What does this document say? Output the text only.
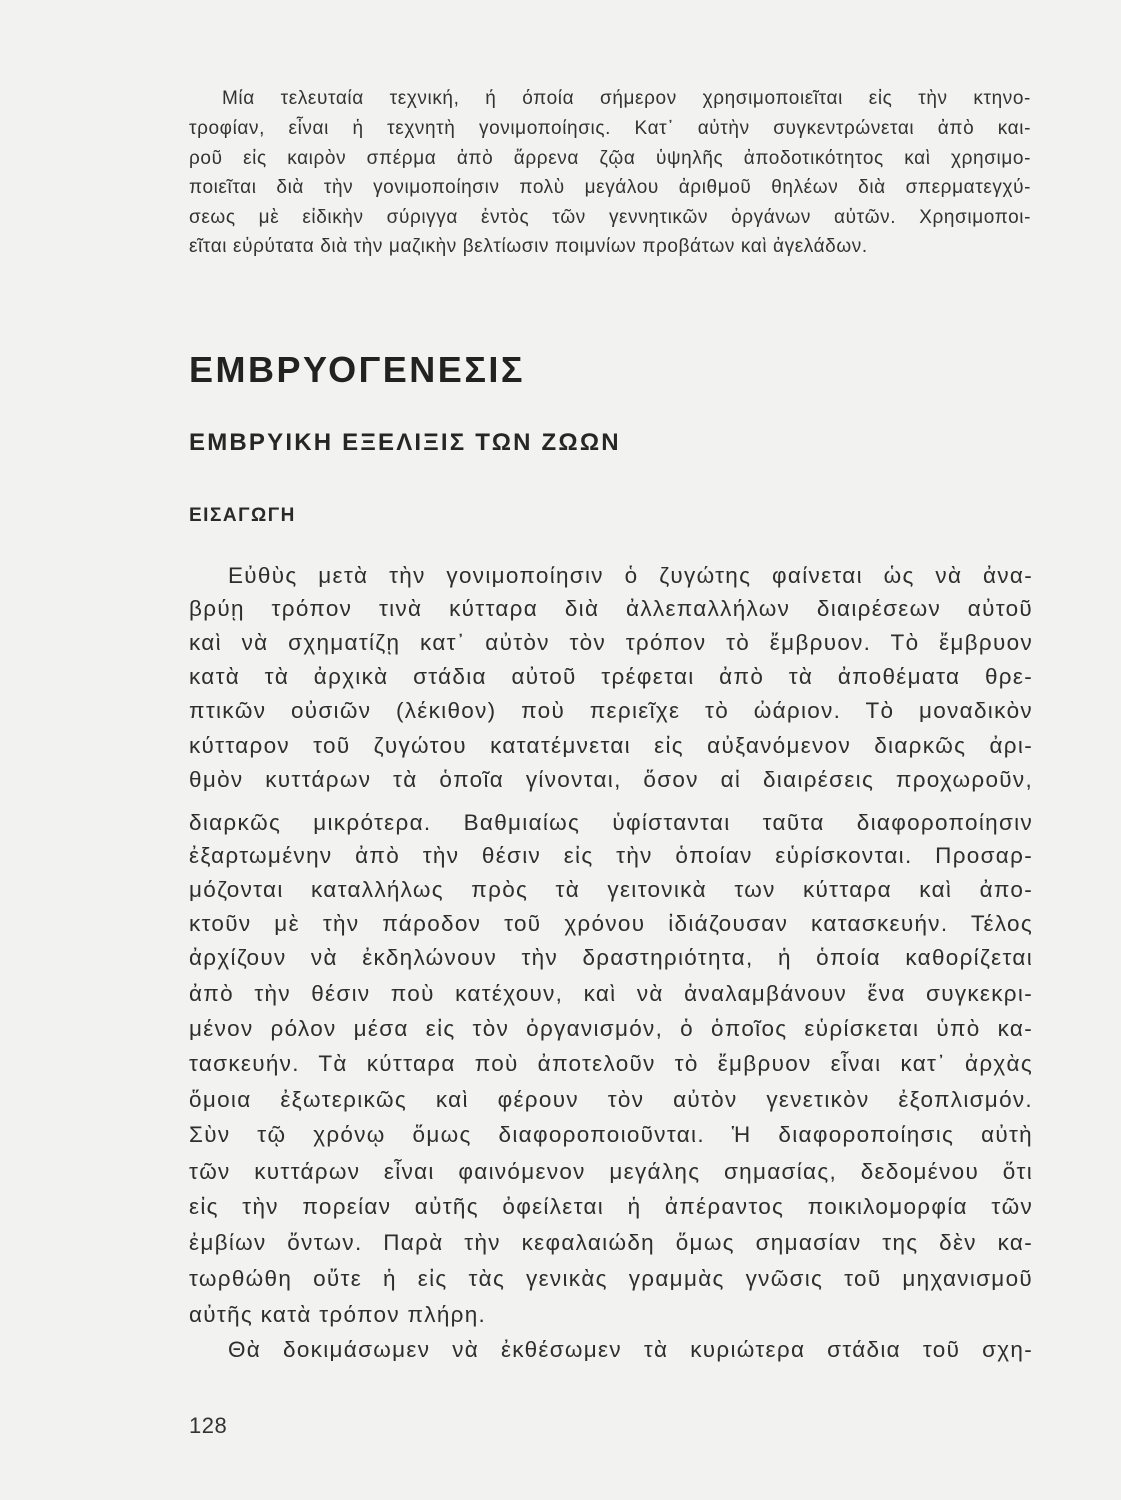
Μία τελευταία τεχνική, ή όποία σήμερον χρησιμοποιεῖται εἰς τὴν κτηνο-
τροφίαν, εἶναι ἡ τεχνητὴ γονιμοποίησις. Κατ᾽ αὐτὴν συγκεντρώνεται ἀπὸ και-
ροῦ εἰς καιρὸν σπέρμα ἀπὸ ἄρρενα ζῷα ὑψηλῆς ἀποδοτικότητος καὶ χρησιμο-
ποιεῖται διὰ τὴν γονιμοποίησιν πολὺ μεγάλου ἀριθμοῦ θηλέων διὰ σπερματεγχύ-
σεως μὲ εἰδικὴν σύριγγα ἐντὸς τῶν γεννητικῶν ὀργάνων αὐτῶν. Χρησιμοποι-
εῖται εὐρύτατα διὰ τὴν μαζικὴν βελτίωσιν ποιμνίων προβάτων καὶ ἀγελάδων.
ΕΜΒΡΥΟΓΕΝΕΣΙΣ
ΕΜΒΡΥΙΚΗ ΕΞΕΛΙΞΙΣ ΤΩΝ ΖΩΩΝ
ΕΙΣΑΓΩΓΗ
Εὐθὺς μετὰ τὴν γονιμοποίησιν ὁ ζυγώτης φαίνεται ὡς νὰ ἀνα-
βρύῃ τρόπον τινὰ κύτταρα διὰ ἀλλεπαλλήλων διαιρέσεων αὐτοῦ
καὶ νὰ σχηματίζῃ κατ᾽ αὐτὸν τὸν τρόπον τὸ ἔμβρυον. Τὸ ἔμβρυον
κατὰ τὰ ἀρχικὰ στάδια αὐτοῦ τρέφεται ἀπὸ τὰ ἀποθέματα θρε-
πτικῶν οὐσιῶν (λέκιθον) ποὺ περιεῖχε τὸ ὠάριον. Τὸ μοναδικὸν
κύτταρον τοῦ ζυγώτου κατατέμνεται εἰς αὐξανόμενον διαρκῶς ἀρι-
θμὸν κυττάρων τὰ ὁποῖα γίνονται, ὅσον αἱ διαιρέσεις προχωροῦν,
διαρκῶς μικρότερα. Βαθμιαίως ὑφίστανται ταῦτα διαφοροποίησιν
ἐξαρτωμένην ἀπὸ τὴν θέσιν εἰς τὴν ὁποίαν εὑρίσκονται. Προσαρ-
μόζονται καταλλήλως πρὸς τὰ γειτονικὰ των κύτταρα καὶ ἀπο-
κτοῦν μὲ τὴν πάροδον τοῦ χρόνου ἰδιάζουσαν κατασκευήν. Τέλος
ἀρχίζουν νὰ ἐκδηλώνουν τὴν δραστηριότητα, ἡ ὁποία καθορίζεται
ἀπὸ τὴν θέσιν ποὺ κατέχουν, καὶ νὰ ἀναλαμβάνουν ἕνα συγκεκρι-
μένον ρόλον μέσα εἰς τὸν ὀργανισμόν, ὁ ὁποῖος εὑρίσκεται ὑπὸ κα-
τασκευήν. Τὰ κύτταρα ποὺ ἀποτελοῦν τὸ ἔμβρυον εἶναι κατ᾽ ἀρχὰς
ὅμοια ἐξωτερικῶς καὶ φέρουν τὸν αὐτὸν γενετικὸν ἐξοπλισμόν.
Σὺν τῷ χρόνῳ ὅμως διαφοροποιοῦνται. Ἡ διαφοροποίησις αὐτὴ
τῶν κυττάρων εἶναι φαινόμενον μεγάλης σημασίας, δεδομένου ὅτι
εἰς τὴν πορείαν αὐτῆς ὀφείλεται ἡ ἀπέραντος ποικιλομορφία τῶν
ἐμβίων ὄντων. Παρὰ τὴν κεφαλαιώδη ὅμως σημασίαν της δὲν κα-
τωρθώθη οὔτε ἡ εἰς τὰς γενικὰς γραμμὰς γνῶσις τοῦ μηχανισμοῦ
αὐτῆς κατὰ τρόπον πλήρη.
Θὰ δοκιμάσωμεν νὰ ἐκθέσωμεν τὰ κυριώτερα στάδια τοῦ σχη-
128
